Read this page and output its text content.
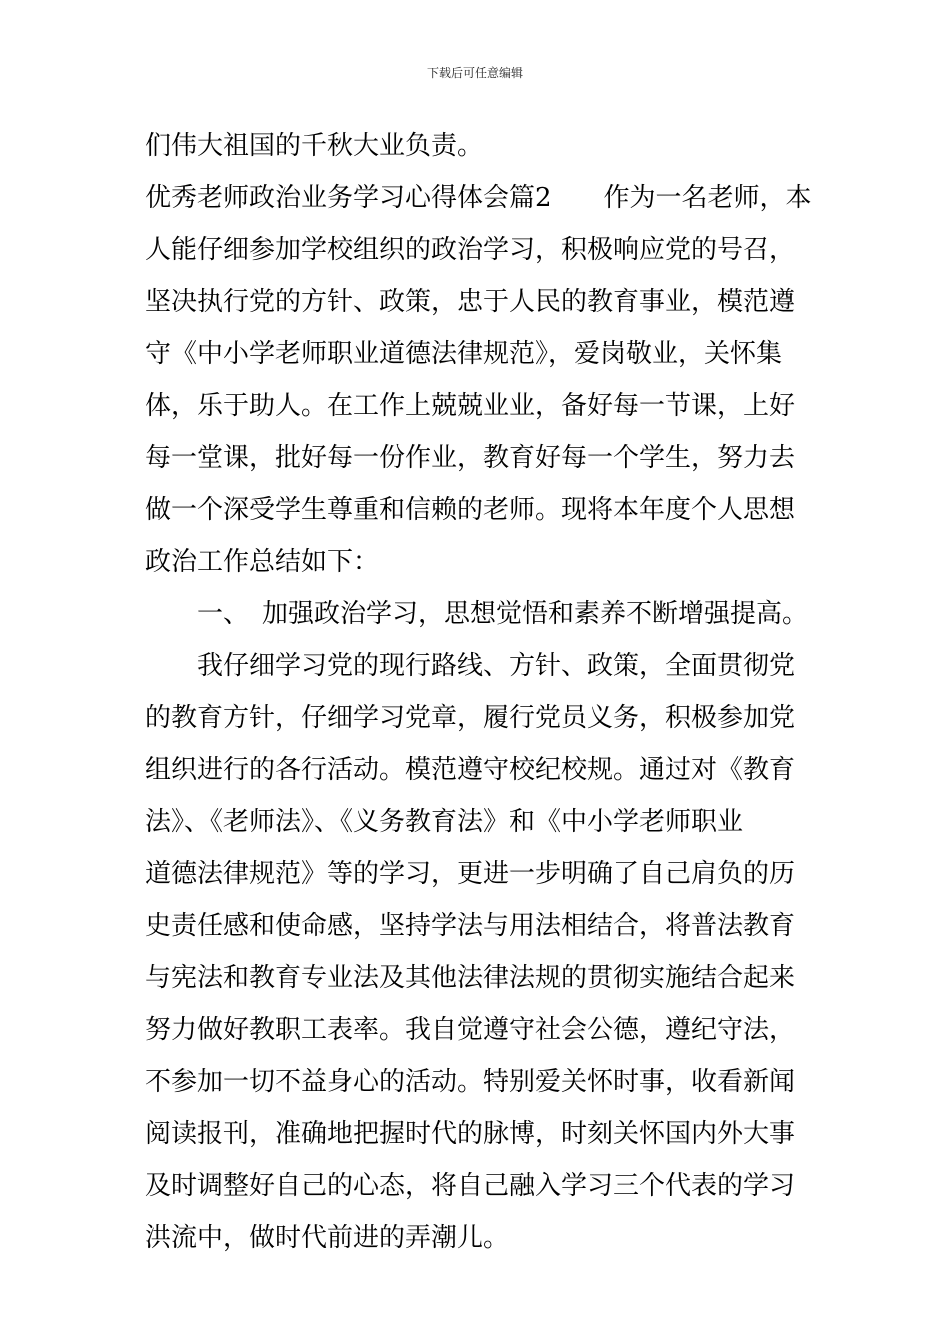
下载后可任意编辑
们伟大祖国的千秋大业负责。
优秀老师政治业务学习心得体会篇2　　作为一名老师，本
人能仔细参加学校组织的政治学习，积极响应党的号召，
坚决执行党的方针、政策，忠于人民的教育事业，模范遵
守《中小学老师职业道德法律规范》，爱岗敬业，关怀集
体，乐于助人。在工作上兢兢业业，备好每一节课，上好
每一堂课，批好每一份作业，教育好每一个学生，努力去
做一个深受学生尊重和信赖的老师。现将本年度个人思想
政治工作总结如下：
一、　加强政治学习，思想觉悟和素养不断增强提高。
我仔细学习党的现行路线、方针、政策，全面贯彻党
的教育方针，仔细学习党章，履行党员义务，积极参加党
组织进行的各行活动。模范遵守校纪校规。通过对《教育
法》、《老师法》、《义务教育法》和《中小学老师职业
道德法律规范》等的学习，更进一步明确了自己肩负的历
史责任感和使命感，坚持学法与用法相结合，将普法教育
与宪法和教育专业法及其他法律法规的贯彻实施结合起来
努力做好教职工表率。我自觉遵守社会公德，遵纪守法，
不参加一切不益身心的活动。特别爱关怀时事，收看新闻
阅读报刊，准确地把握时代的脉博，时刻关怀国内外大事
及时调整好自己的心态，将自己融入学习三个代表的学习
洪流中，做时代前进的弄潮儿。
